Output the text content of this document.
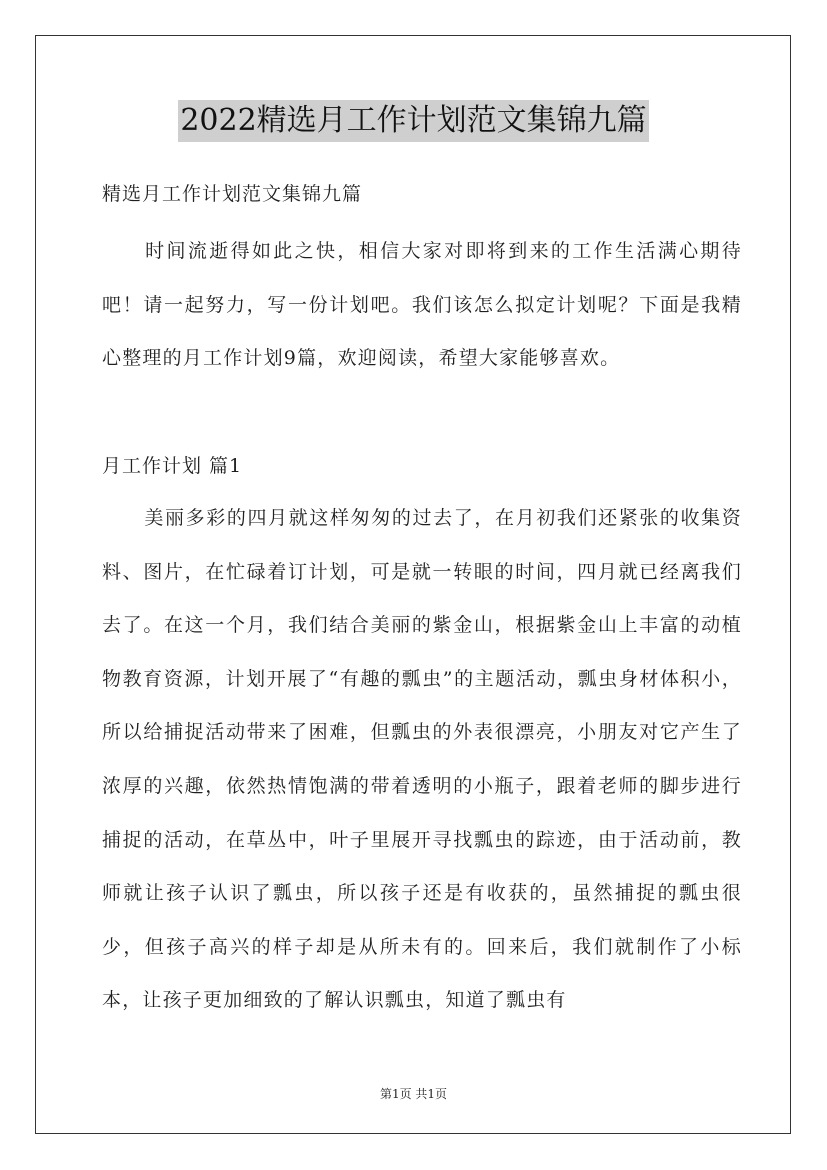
2022精选月工作计划范文集锦九篇
精选月工作计划范文集锦九篇
时间流逝得如此之快，相信大家对即将到来的工作生活满心期待吧！请一起努力，写一份计划吧。我们该怎么拟定计划呢？下面是我精心整理的月工作计划9篇，欢迎阅读，希望大家能够喜欢。
月工作计划 篇1
美丽多彩的四月就这样匆匆的过去了，在月初我们还紧张的收集资料、图片，在忙碌着订计划，可是就一转眼的时间，四月就已经离我们去了。在这一个月，我们结合美丽的紫金山，根据紫金山上丰富的动植物教育资源，计划开展了“有趣的瓢虫”的主题活动，瓢虫身材体积小，所以给捕捉活动带来了困难，但瓢虫的外表很漂亮，小朋友对它产生了浓厚的兴趣，依然热情饱满的带着透明的小瓶子，跟着老师的脚步进行捕捉的活动，在草丛中，叶子里展开寻找瓢虫的踪迹，由于活动前，教师就让孩子认识了瓢虫，所以孩子还是有收获的，虽然捕捉的瓢虫很少，但孩子高兴的样子却是从所未有的。回来后，我们就制作了小标本，让孩子更加细致的了解认识瓢虫，知道了瓢虫有
第1页 共1页
